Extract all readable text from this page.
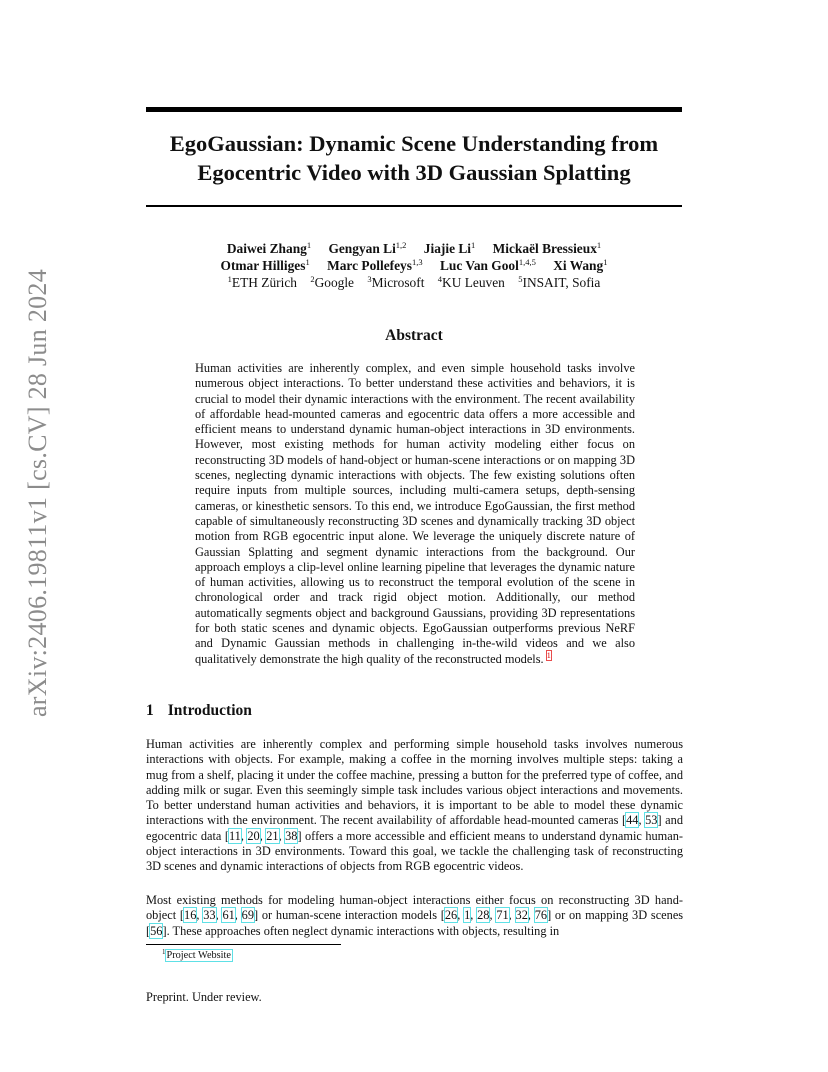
arXiv:2406.19811v1 [cs.CV] 28 Jun 2024
EgoGaussian: Dynamic Scene Understanding from
Egocentric Video with 3D Gaussian Splatting
Daiwei Zhang$^1$ Gengyan Li$^{1,2}$ Jiajie Li$^1$ Mickaël Bressieux$^1$
Otmar Hilliges$^1$ Marc Pollefeys$^{1,3}$ Luc Van Gool$^{1,4,5}$ Xi Wang$^1$
$^1$ETH Zürich $^2$Google $^3$Microsoft $^4$KU Leuven $^5$INSAIT, Sofia
Abstract

Human activities are inherently complex, and even simple household tasks involve numerous object interactions. To better understand these activities and behaviors, it is crucial to model their dynamic interactions with the environment. The recent availability of affordable head-mounted cameras and egocentric data offers a more accessible and efficient means to understand dynamic human-object interactions in 3D environments. However, most existing methods for human activity modeling either focus on reconstructing 3D models of hand-object or human-scene interactions or on mapping 3D scenes, neglecting dynamic interactions with objects. The few existing solutions often require inputs from multiple sources, including multi-camera setups, depth-sensing cameras, or kinesthetic sensors. To this end, we introduce EgoGaussian, the first method capable of simultaneously reconstructing 3D scenes and dynamically tracking 3D object motion from RGB egocentric input alone. We leverage the uniquely discrete nature of Gaussian Splatting and segment dynamic interactions from the background. Our approach employs a clip-level online learning pipeline that leverages the dynamic nature of human activities, allowing us to reconstruct the temporal evolution of the scene in chronological order and track rigid object motion. Additionally, our method automatically segments object and background Gaussians, providing 3D representations for both static scenes and dynamic objects. EgoGaussian outperforms previous NeRF and Dynamic Gaussian methods in challenging in-the-wild videos and we also qualitatively demonstrate the high quality of the reconstructed models. $^1$

1 Introduction

Human activities are inherently complex and performing simple household tasks involves numerous interactions with objects. For example, making a coffee in the morning involves multiple steps: taking a mug from a shelf, placing it under the coffee machine, pressing a button for the preferred type of coffee, and adding milk or sugar. Even this seemingly simple task includes various object interactions and movements. To better understand human activities and behaviors, it is important to be able to model these dynamic interactions with the environment. The recent availability of affordable head-mounted cameras [44, 53] and egocentric data [11, 20, 21, 38] offers a more accessible and efficient means to understand dynamic human-object interactions in 3D environments. Toward this goal, we tackle the challenging task of reconstructing 3D scenes and dynamic interactions of objects from RGB egocentric videos.

Most existing methods for modeling human-object interactions either focus on reconstructing 3D hand-object [16, 33, 61, 69] or human-scene interaction models [26, 1, 28, 71, 32, 76] or on mapping 3D scenes [56]. These approaches often neglect dynamic interactions with objects, resulting in

$^1$Project Website
Preprint. Under review.
